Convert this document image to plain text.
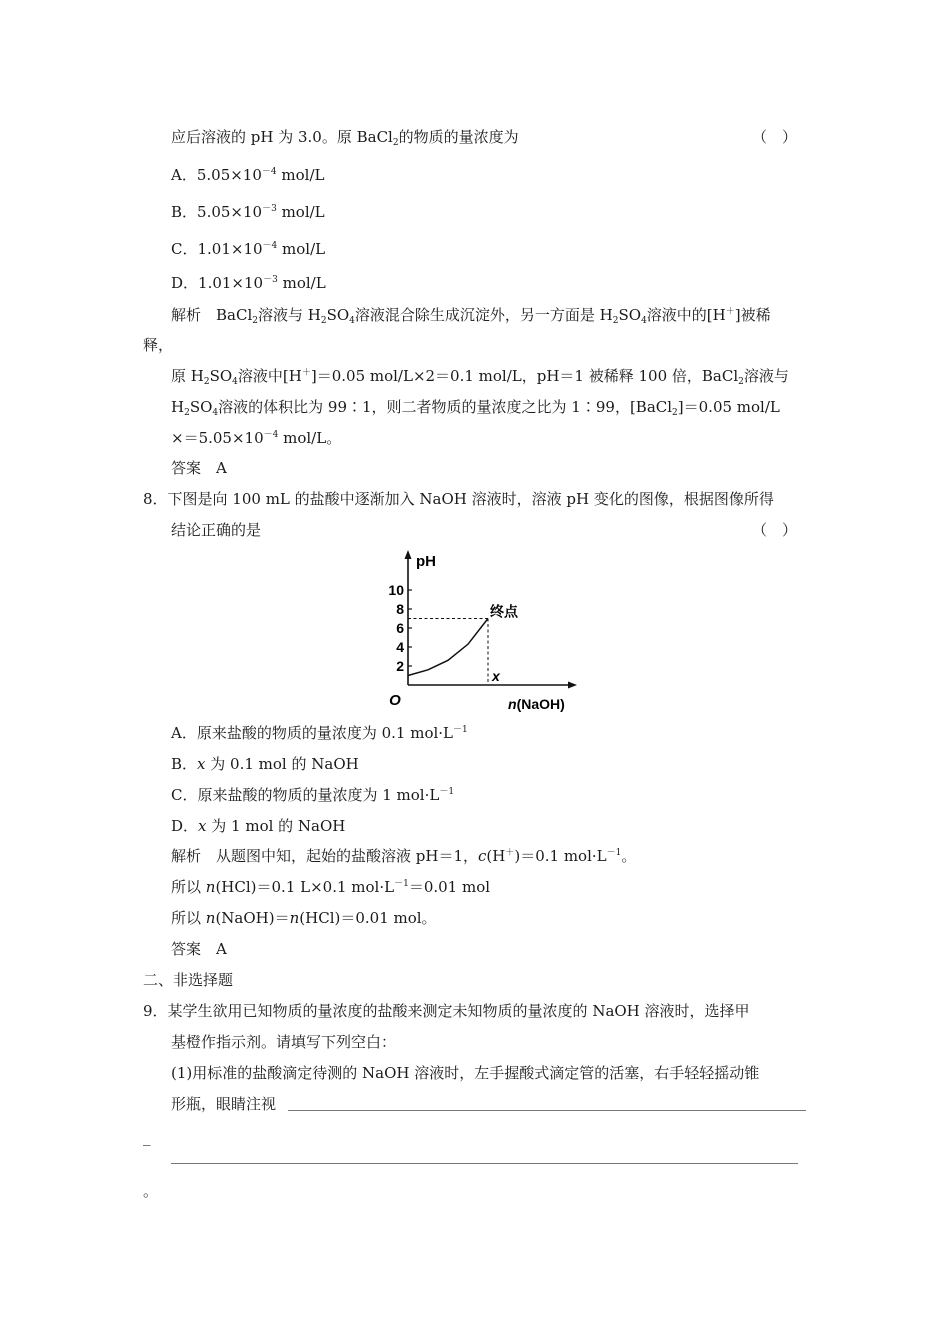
应后溶液的 pH 为 3.0。原 BaCl$_2$的物质的量浓度为	（　）
A．$5.05\times 10^{-4}$ mol/L
B．$5.05\times 10^{-3}$ mol/L
C．$1.01\times 10^{-4}$ mol/L
D．$1.01\times 10^{-3}$ mol/L
解析　BaCl$_2$溶液与 $H_2SO_4$溶液混合除生成沉淀外，另一方面是 $H_2SO_4$溶液中的[H＋]被稀
释，
原 $H_2SO_4$溶液中[H＋]＝0.05 mol/L×2＝0.1 mol/L，pH＝1 被稀释 100 倍，BaCl$_2$溶液与
$H_2SO_4$溶液的体积比为 99∶1，则二者物质的量浓度之比为 1∶99，[BaCl$_2$]＝0.05 mol/L
$\times=5.05\times 10^{-4}$ mol/L。
答案　A
8．下图是向 100 mL 的盐酸中逐渐加入 NaOH 溶液时，溶液 pH 变化的图像，根据图像所得
结论正确的是	（　）
pH
O
2
4
6
8
10
终点
x
n(NaOH)
A．原来盐酸的物质的量浓度为 0.1 $mol\cdot L^{-1}$
B．x 为 0.1 mol 的 NaOH
C．原来盐酸的物质的量浓度为 1 $mol\cdot L^{-1}$
D．x 为 1 mol 的 NaOH
解析　从题图中知，起始的盐酸溶液 pH＝1，c(H＋)＝0.1 $mol\cdot L^{-1}$。
所以 n(HCl)＝0.1 L×0.1 $mol\cdot L^{-1}=0.01$ mol
所以 n(NaOH)＝n(HCl)＝0.01 mol。
答案　A
二、非选择题
9．某学生欲用已知物质的量浓度的盐酸来测定未知物质的量浓度的 NaOH 溶液时，选择甲
基橙作指示剂。请填写下列空白：
(1)用标准的盐酸滴定待测的 NaOH 溶液时，左手握酸式滴定管的活塞，右手轻轻摇动锥
形瓶，眼睛注视
_
。
